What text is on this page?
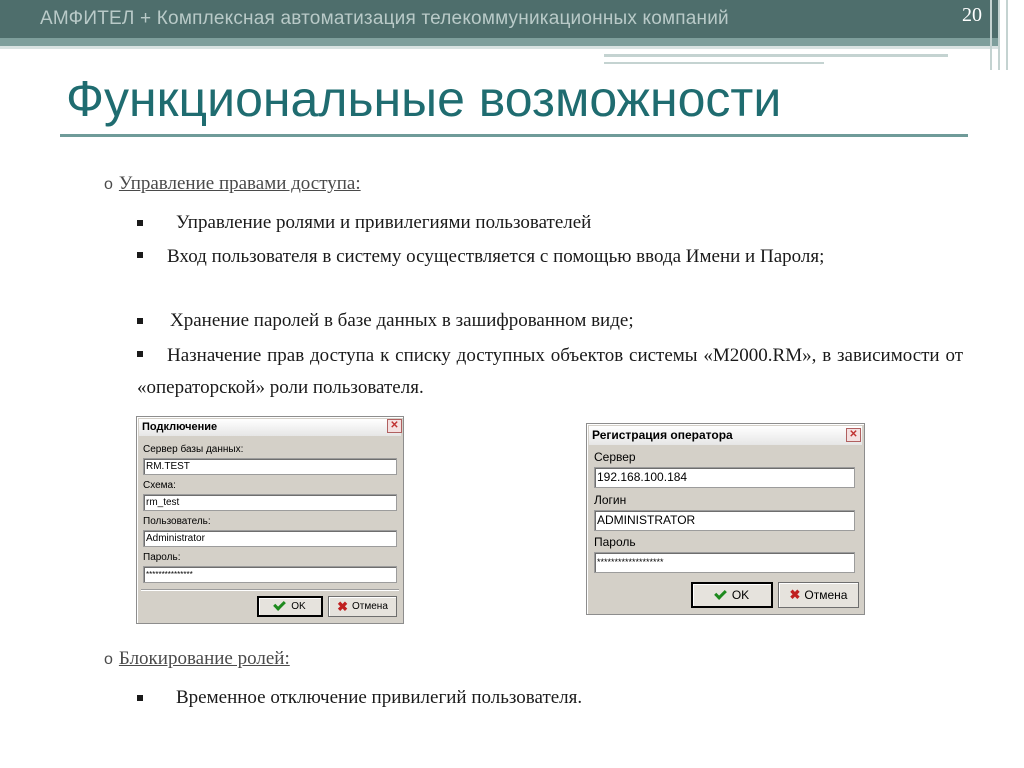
АМФИТЕЛ + Комплексная автоматизация телекоммуникационных компаний	20
Функциональные возможности
o Управление правами доступа:
Управление ролями и привилегиями пользователей
Вход пользователя в систему осуществляется с помощью ввода Имени и Пароля;
Хранение паролей в базе данных в зашифрованном виде;
Назначение прав доступа к списку доступных объектов системы «M2000.RM», в зависимости от «операторской» роли пользователя.
Подключение	✕
Сервер базы данных:
RM.TEST
Схема:
rm_test
Пользователь:
Administrator
Пароль:
***************
OK ✖ Отмена
Регистрация оператора	✕
Сервер
192.168.100.184
Логин
ADMINISTRATOR
Пароль
*******************
OK	✖ Отмена
o Блокирование ролей:
Временное отключение привилегий пользователя.
